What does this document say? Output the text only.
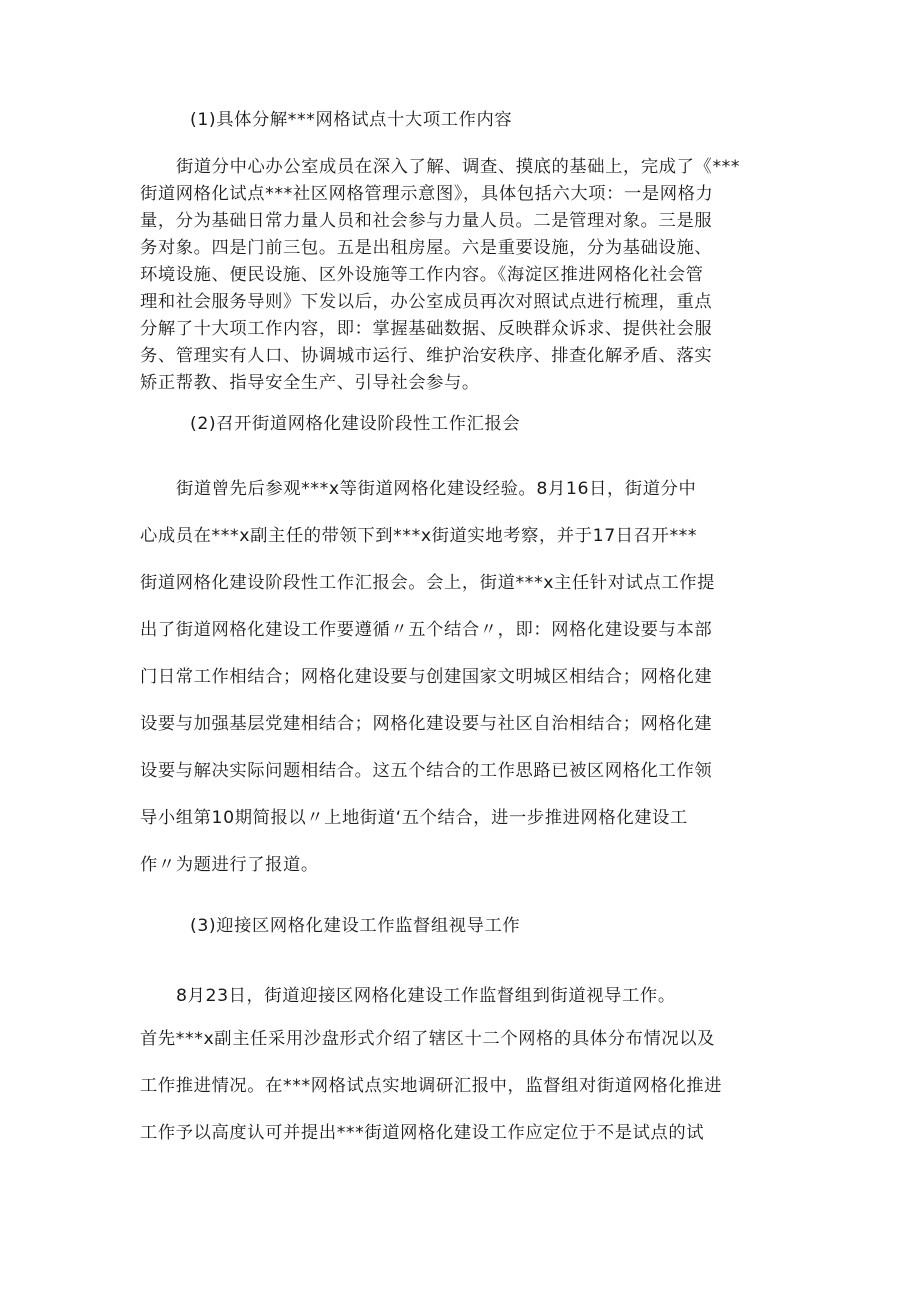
(1)具体分解***网格试点十大项工作内容
街道分中心办公室成员在深入了解、调查、摸底的基础上，完成了《***
街道网格化试点***社区网格管理示意图》，具体包括六大项：一是网格力
量，分为基础日常力量人员和社会参与力量人员。二是管理对象。三是服
务对象。四是门前三包。五是出租房屋。六是重要设施，分为基础设施、
环境设施、便民设施、区外设施等工作内容。《海淀区推进网格化社会管
理和社会服务导则》下发以后，办公室成员再次对照试点进行梳理，重点
分解了十大项工作内容，即：掌握基础数据、反映群众诉求、提供社会服
务、管理实有人口、协调城市运行、维护治安秩序、排查化解矛盾、落实
矫正帮教、指导安全生产、引导社会参与。
(2)召开街道网格化建设阶段性工作汇报会
街道曾先后参观***x等街道网格化建设经验。8月16日，街道分中
心成员在***x副主任的带领下到***x街道实地考察，并于17日召开***
街道网格化建设阶段性工作汇报会。会上，街道***x主任针对试点工作提
出了街道网格化建设工作要遵循〃五个结合〃，即：网格化建设要与本部
门日常工作相结合；网格化建设要与创建国家文明城区相结合；网格化建
设要与加强基层党建相结合；网格化建设要与社区自治相结合；网格化建
设要与解决实际问题相结合。这五个结合的工作思路已被区网格化工作领
导小组第10期简报以〃上地街道‘五个结合，进一步推进网格化建设工
作〃为题进行了报道。
(3)迎接区网格化建设工作监督组视导工作
8月23日，街道迎接区网格化建设工作监督组到街道视导工作。
首先***x副主任采用沙盘形式介绍了辖区十二个网格的具体分布情况以及
工作推进情况。在***网格试点实地调研汇报中，监督组对街道网格化推进
工作予以高度认可并提出***街道网格化建设工作应定位于不是试点的试
